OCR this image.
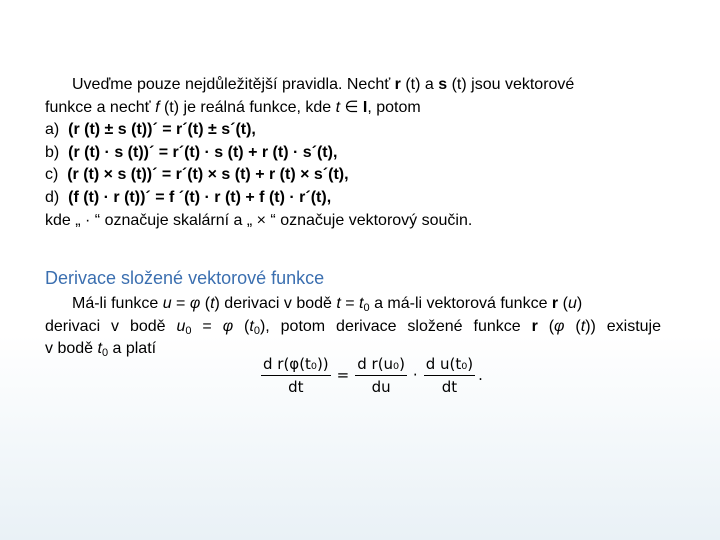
Uveďme pouze nejdůležitější pravidla. Nechť r (t) a s (t) jsou vektorové
funkce a nechť f (t) je reálná funkce, kde t ∈ I, potom
a) (r (t) ± s (t))´ = r´(t) ± s´(t),
b) (r (t) · s (t))´ = r´(t) · s (t) + r (t) · s´(t),
c) (r (t) × s (t))´ = r´(t) × s (t) + r (t) × s´(t),
d) (f (t) · r (t))´ = f ´(t) · r (t) + f (t) · r´(t),
kde „ · “ označuje skalární a „ × “ označuje vektorový součin.
Derivace složené vektorové funkce
Má-li funkce u = φ (t) derivaci v bodě $t = t_0$ a má-li vektorová funkce r (u)
derivaci v bodě $u_0 = \varphi$ $(t_0)$, potom derivace složené funkce r (φ (t)) existuje
v bodě $t_0$ a platí
$\frac{\text{d r(φ(t₀))}}{dt} = \frac{\text{d r(u₀)}}{du} \cdot \frac{\text{d u(t₀)}}{dt}$ .
